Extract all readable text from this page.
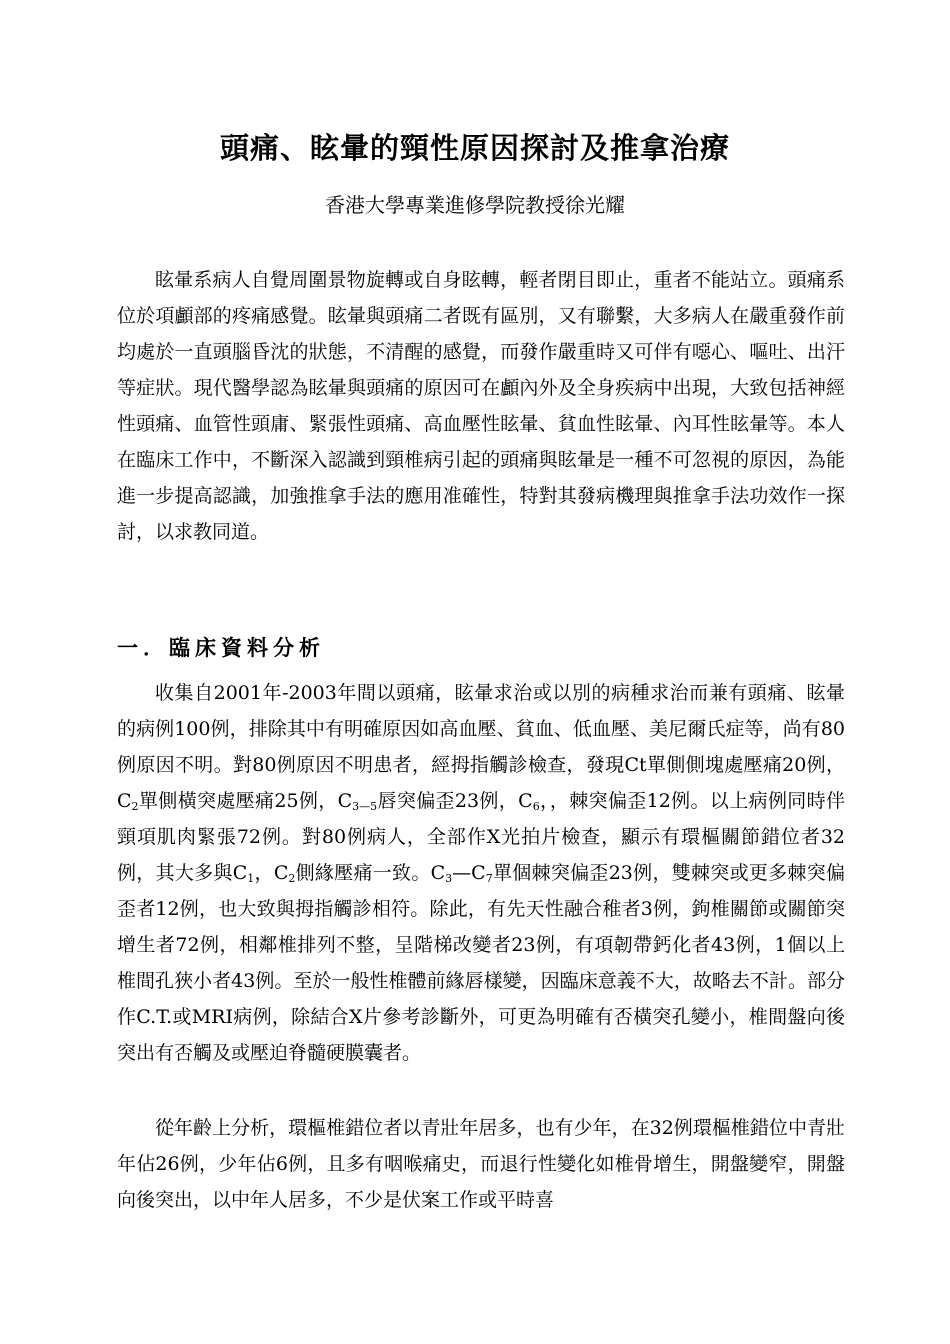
頭痛、眩暈的頸性原因探討及推拿治療
香港大學專業進修學院教授徐光耀

眩暈系病人自覺周圍景物旋轉或自身眩轉，輕者閉目即止，重者不能站立。頭痛系位於項顱部的疼痛感覺。眩暈與頭痛二者既有區別，又有聯繫，大多病人在嚴重發作前均處於一直頭腦昏沈的狀態，不清醒的感覺，而發作嚴重時又可伴有噁心、嘔吐、出汗等症狀。現代醫學認為眩暈與頭痛的原因可在顱內外及全身疾病中出現，大致包括神經性頭痛、血管性頭庸、緊張性頭痛、高血壓性眩暈、貧血性眩暈、內耳性眩暈等。本人在臨床工作中，不斷深入認識到頸椎病引起的頭痛與眩暈是一種不可忽視的原因，為能進一步提高認識，加強推拿手法的應用准確性，特對其發病機理與推拿手法功效作一探討，以求教同道。

一．臨床資料分析

收集自2001年-2003年間以頭痛，眩暈求治或以別的病種求治而兼有頭痛、眩暈的病例100例，排除其中有明確原因如高血壓、貧血、低血壓、美尼爾氏症等，尚有80例原因不明。對80例原因不明患者，經拇指觸診檢查，發現Ct單側側塊處壓痛20例，$C_2$單側橫突處壓痛25例，$C_{3—5}$唇突偏歪23例，$C_6$，，棘突偏歪12例。以上病例同時伴頸項肌肉緊張72例。對80例病人，全部作X光拍片檢查，顯示有環樞關節錯位者32例，其大多與$C_1$，$C_2$側緣壓痛一致。$C_3—C_7$單個棘突偏歪23例，雙棘突或更多棘突偏歪者12例，也大致與拇指觸診相符。除此，有先天性融合稚者3例，鉤椎關節或關節突增生者72例，相鄰椎排列不整，呈階梯改變者23例，有項韌帶鈣化者43例，1個以上椎間孔狹小者43例。至於一般性椎體前緣唇樣變，因臨床意義不大，故略去不計。部分作C.T.或MRI病例，除結合X片參考診斷外，可更為明確有否橫突孔變小，椎間盤向後突出有否觸及或壓迫脊髓硬膜囊者。

從年齡上分析，環樞椎錯位者以青壯年居多，也有少年，在32例環樞椎錯位中青壯年佔26例，少年佔6例，且多有咽喉痛史，而退行性變化如椎骨增生，開盤變窄，開盤向後突出，以中年人居多，不少是伏案工作或平時喜
